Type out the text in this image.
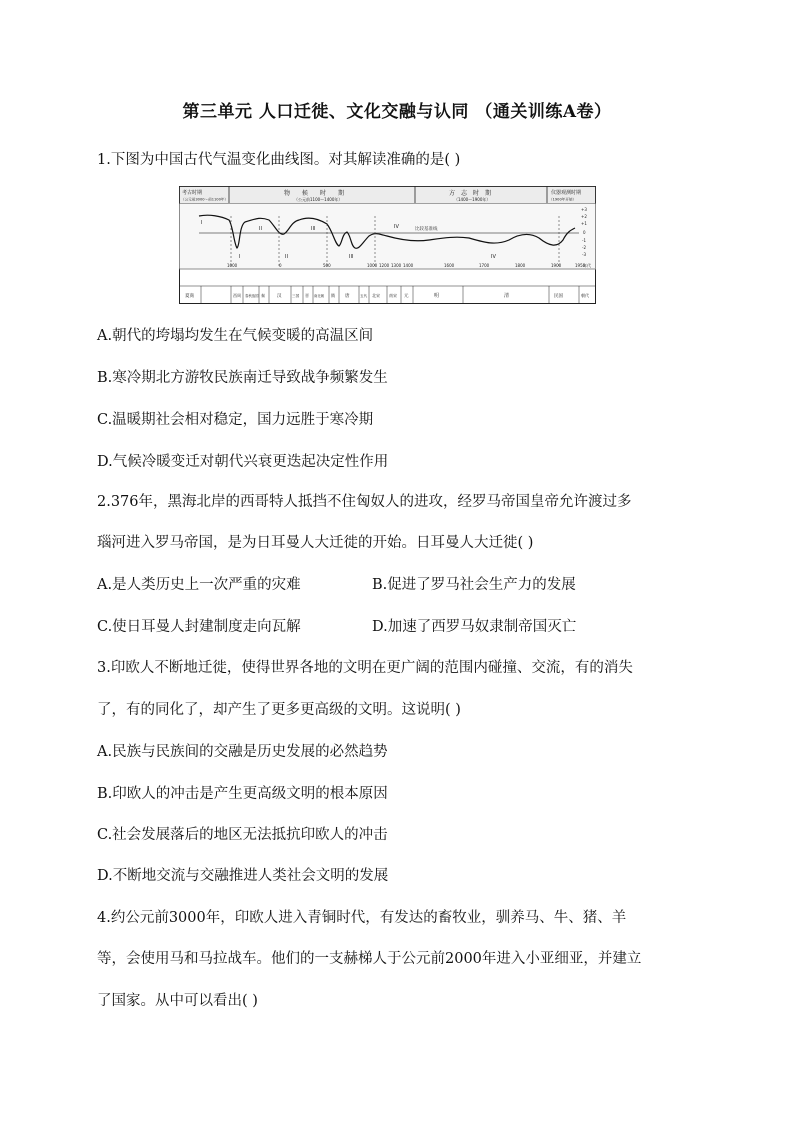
第三单元 人口迁徙、文化交融与认同 （通关训练A卷）
1.下图为中国古代气温变化曲线图。对其解读准确的是( )
考古时期
（公元前3000～前1100年）
物　　候　　时　　期
（公元前1100～1400年）
方　志　时　期
（1400～1900年）
仪器观测时期
（1900年开始）
比较基准线
I
II	III	IV
I	II	III	IV
+3
+2
+1
0
-1
-2
-3
1000	0	500	1000 1200 1300 1400	1600	1700	1800	1900	1950
年代
夏商	西周 春秋战国 秦	汉	三国 晋 南北朝 隋 唐	五代 北宋 南宋 元	明	清	民国	朝代
A.朝代的垮塌均发生在气候变暖的高温区间
B.寒冷期北方游牧民族南迁导致战争频繁发生
C.温暖期社会相对稳定，国力远胜于寒冷期
D.气候冷暖变迁对朝代兴衰更迭起决定性作用
2.376年，黑海北岸的西哥特人抵挡不住匈奴人的进攻，经罗马帝国皇帝允许渡过多
瑙河进入罗马帝国，是为日耳曼人大迁徙的开始。日耳曼人大迁徙( )
A.是人类历史上一次严重的灾难	B.促进了罗马社会生产力的发展
C.使日耳曼人封建制度走向瓦解	D.加速了西罗马奴隶制帝国灭亡
3.印欧人不断地迁徙，使得世界各地的文明在更广阔的范围内碰撞、交流，有的消失
了，有的同化了，却产生了更多更高级的文明。这说明( )
A.民族与民族间的交融是历史发展的必然趋势
B.印欧人的冲击是产生更高级文明的根本原因
C.社会发展落后的地区无法抵抗印欧人的冲击
D.不断地交流与交融推进人类社会文明的发展
4.约公元前3000年，印欧人进入青铜时代，有发达的畜牧业，驯养马、牛、猪、羊
等，会使用马和马拉战车。他们的一支赫梯人于公元前2000年进入小亚细亚，并建立
了国家。从中可以看出( )
